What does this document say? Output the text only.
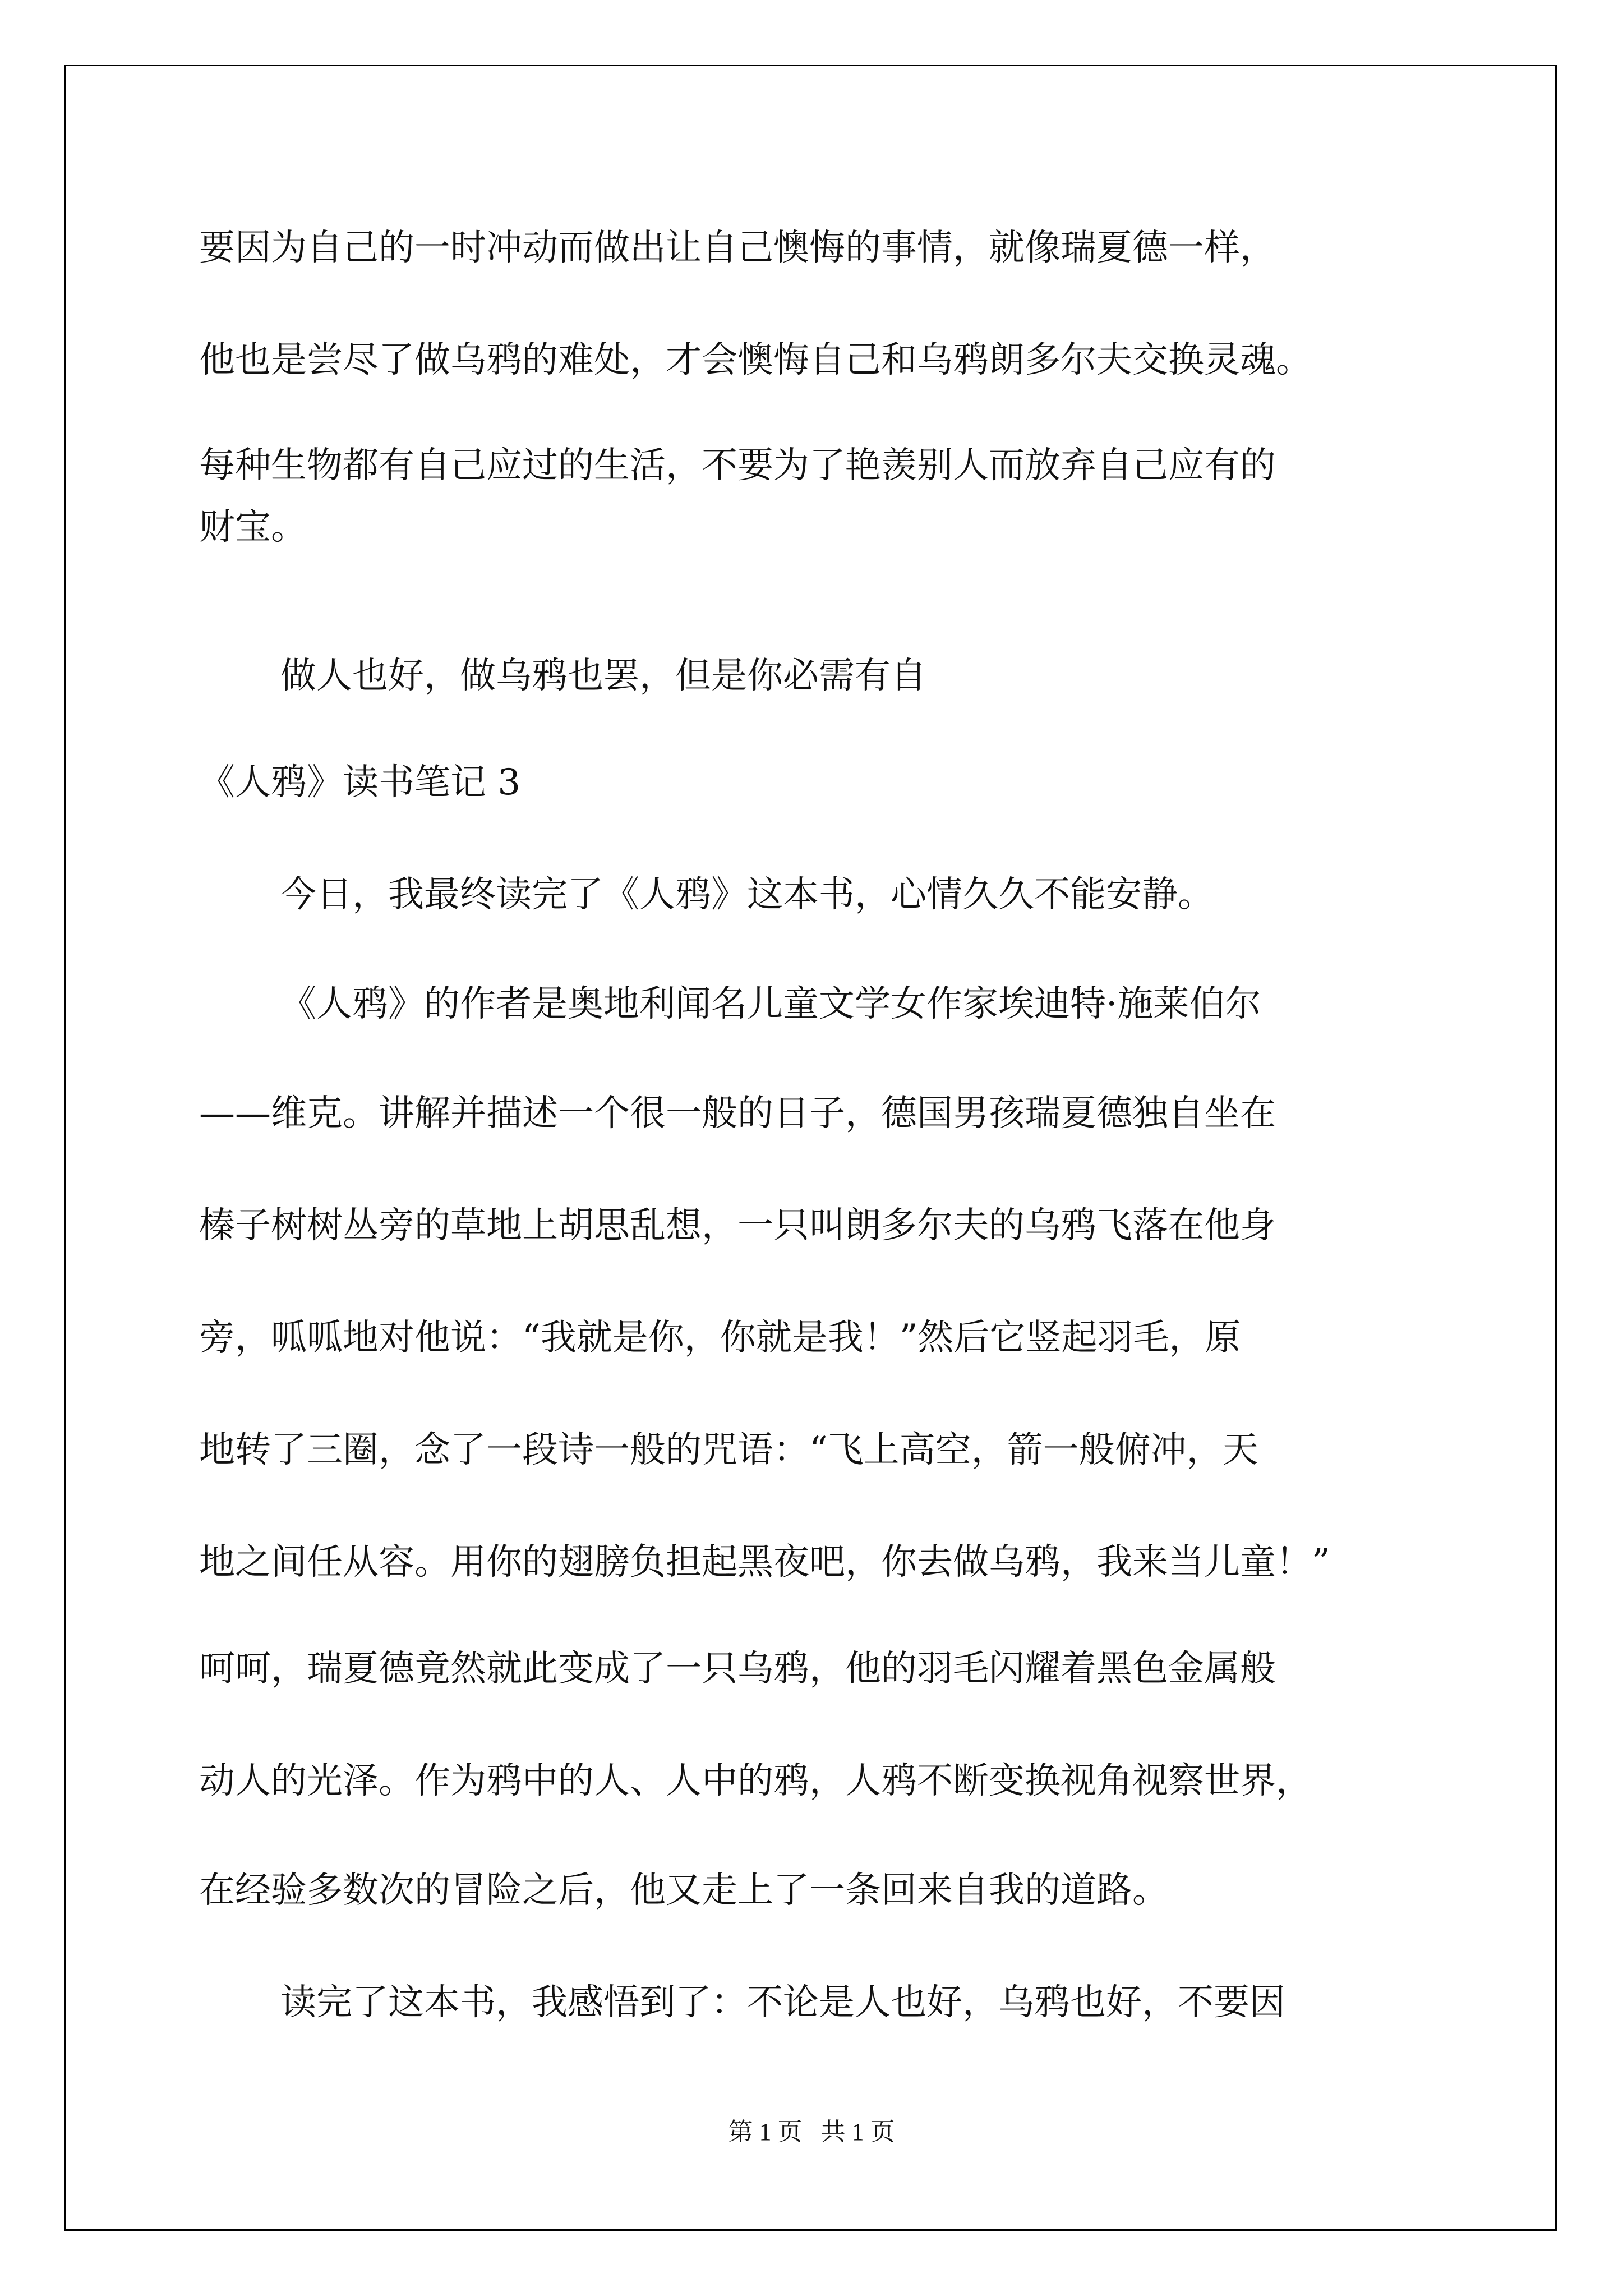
要因为自己的一时冲动而做出让自己懊悔的事情，就像瑞夏德一样，
他也是尝尽了做乌鸦的难处，才会懊悔自己和乌鸦朗多尔夫交换灵魂。
每种生物都有自己应过的生活，不要为了艳羡别人而放弃自己应有的
财宝。
做人也好，做乌鸦也罢，但是你必需有自
《人鸦》读书笔记 3
今日，我最终读完了《人鸦》这本书，心情久久不能安静。
《人鸦》的作者是奥地利闻名儿童文学女作家埃迪特·施莱伯尔
——维克。讲解并描述一个很一般的日子，德国男孩瑞夏德独自坐在
榛子树树丛旁的草地上胡思乱想，一只叫朗多尔夫的乌鸦飞落在他身
旁，呱呱地对他说：“我就是你，你就是我！”然后它竖起羽毛，原
地转了三圈，念了一段诗一般的咒语：“飞上高空，箭一般俯冲，天
地之间任从容。用你的翅膀负担起黑夜吧，你去做乌鸦，我来当儿童！”
呵呵，瑞夏德竟然就此变成了一只乌鸦，他的羽毛闪耀着黑色金属般
动人的光泽。作为鸦中的人、人中的鸦，人鸦不断变换视角视察世界，
在经验多数次的冒险之后，他又走上了一条回来自我的道路。
读完了这本书，我感悟到了：不论是人也好，乌鸦也好，不要因
第 1 页   共 1 页
